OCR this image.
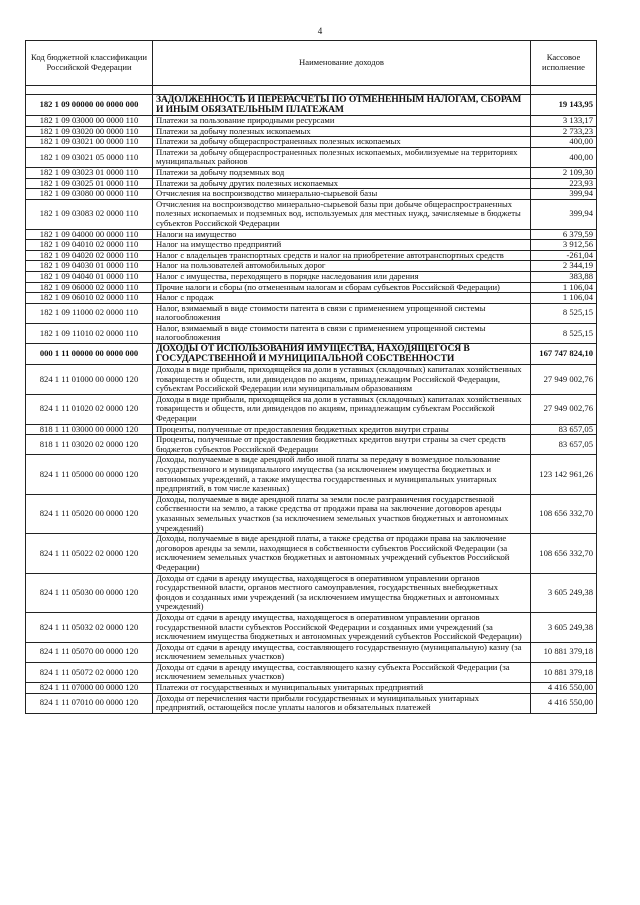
4
Код бюджетной классификации Российской Федерации	Наименование доходов	Кассовое исполнение

182 1 09 00000 00 0000 000	ЗАДОЛЖЕННОСТЬ И ПЕРЕРАСЧЕТЫ ПО ОТМЕНЕННЫМ НАЛОГАМ, СБОРАМ И ИНЫМ ОБЯЗАТЕЛЬНЫМ ПЛАТЕЖАМ	19 143,95
182 1 09 03000 00 0000 110	Платежи за пользование природными ресурсами	3 133,17
182 1 09 03020 00 0000 110	Платежи за добычу полезных ископаемых	2 733,23
182 1 09 03021 00 0000 110	Платежи за добычу общераспространенных полезных ископаемых	400,00
182 1 09 03021 05 0000 110	Платежи за добычу общераспространенных полезных ископаемых, мобилизуемые на территориях муниципальных районов	400,00
182 1 09 03023 01 0000 110	Платежи за добычу подземных вод	2 109,30
182 1 09 03025 01 0000 110	Платежи за добычу других полезных ископаемых	223,93
182 1 09 03080 00 0000 110	Отчисления на воспроизводство минерально-сырьевой базы	399,94
182 1 09 03083 02 0000 110	Отчисления на воспроизводство минерально-сырьевой базы при добыче общераспространенных полезных ископаемых и подземных вод, используемых для местных нужд, зачисляемые в бюджеты субъектов Российской Федерации	399,94
182 1 09 04000 00 0000 110	Налоги на имущество	6 379,59
182 1 09 04010 02 0000 110	Налог на имущество предприятий	3 912,56
182 1 09 04020 02 0000 110	Налог с владельцев транспортных средств и налог на приобретение автотранспортных средств	-261,04
182 1 09 04030 01 0000 110	Налог на пользователей автомобильных дорог	2 344,19
182 1 09 04040 01 0000 110	Налог с имущества, переходящего в порядке наследования или дарения	383,88
182 1 09 06000 02 0000 110	Прочие налоги и сборы (по отмененным налогам и сборам субъектов Российской Федерации)	1 106,04
182 1 09 06010 02 0000 110	Налог с продаж	1 106,04
182 1 09 11000 02 0000 110	Налог, взимаемый в виде стоимости патента в связи с применением упрощенной системы налогообложения	8 525,15
182 1 09 11010 02 0000 110	Налог, взимаемый в виде стоимости патента в связи с применением упрощенной системы налогообложения	8 525,15
000 1 11 00000 00 0000 000	ДОХОДЫ ОТ ИСПОЛЬЗОВАНИЯ ИМУЩЕСТВА, НАХОДЯЩЕГОСЯ В ГОСУДАРСТВЕННОЙ И МУНИЦИПАЛЬНОЙ СОБСТВЕННОСТИ	167 747 824,10
824 1 11 01000 00 0000 120	Доходы в виде прибыли, приходящейся на доли в уставных (складочных) капиталах хозяйственных товариществ и обществ, или дивидендов по акциям, принадлежащим Российской Федерации, субъектам Российской Федерации или муниципальным образованиям	27 949 002,76
824 1 11 01020 02 0000 120	Доходы в виде прибыли, приходящейся на доли в уставных (складочных) капиталах хозяйственных товариществ и обществ, или дивидендов по акциям, принадлежащим субъектам Российской Федерации	27 949 002,76
818 1 11 03000 00 0000 120	Проценты, полученные от предоставления бюджетных кредитов внутри страны	83 657,05
818 1 11 03020 02 0000 120	Проценты, полученные от предоставления бюджетных кредитов внутри страны за счет средств бюджетов субъектов Российской Федерации	83 657,05
824 1 11 05000 00 0000 120	Доходы, получаемые в виде арендной либо иной платы за передачу в возмездное пользование государственного и муниципального имущества (за исключением имущества бюджетных и автономных учреждений, а также имущества государственных и муниципальных унитарных предприятий, в том числе казенных)	123 142 961,26
824 1 11 05020 00 0000 120	Доходы, получаемые в виде арендной платы за земли после разграничения государственной собственности на землю, а также средства от продажи права на заключение договоров аренды указанных земельных участков (за исключением земельных участков бюджетных и автономных учреждений)	108 656 332,70
824 1 11 05022 02 0000 120	Доходы, получаемые в виде арендной платы, а также средства от продажи права на заключение договоров аренды за земли, находящиеся в собственности субъектов Российской Федерации (за исключением земельных участков бюджетных и автономных учреждений субъектов Российской Федерации)	108 656 332,70
824 1 11 05030 00 0000 120	Доходы от сдачи в аренду имущества, находящегося в оперативном управлении органов государственной власти, органов местного самоуправления, государственных внебюджетных фондов и созданных ими учреждений (за исключением имущества бюджетных и автономных учреждений)	3 605 249,38
824 1 11 05032 02 0000 120	Доходы от сдачи в аренду имущества, находящегося в оперативном управлении органов государственной власти субъектов Российской Федерации и созданных ими учреждений (за исключением имущества бюджетных и автономных учреждений субъектов Российской Федерации)	3 605 249,38
824 1 11 05070 00 0000 120	Доходы от сдачи в аренду имущества, составляющего государственную (муниципальную) казну (за исключением земельных участков)	10 881 379,18
824 1 11 05072 02 0000 120	Доходы от сдачи в аренду имущества, составляющего казну субъекта Российской Федерации (за исключением земельных участков)	10 881 379,18
824 1 11 07000 00 0000 120	Платежи от государственных и муниципальных унитарных предприятий	4 416 550,00
824 1 11 07010 00 0000 120	Доходы от перечисления части прибыли государственных и муниципальных унитарных предприятий, остающейся после уплаты налогов и обязательных платежей	4 416 550,00
